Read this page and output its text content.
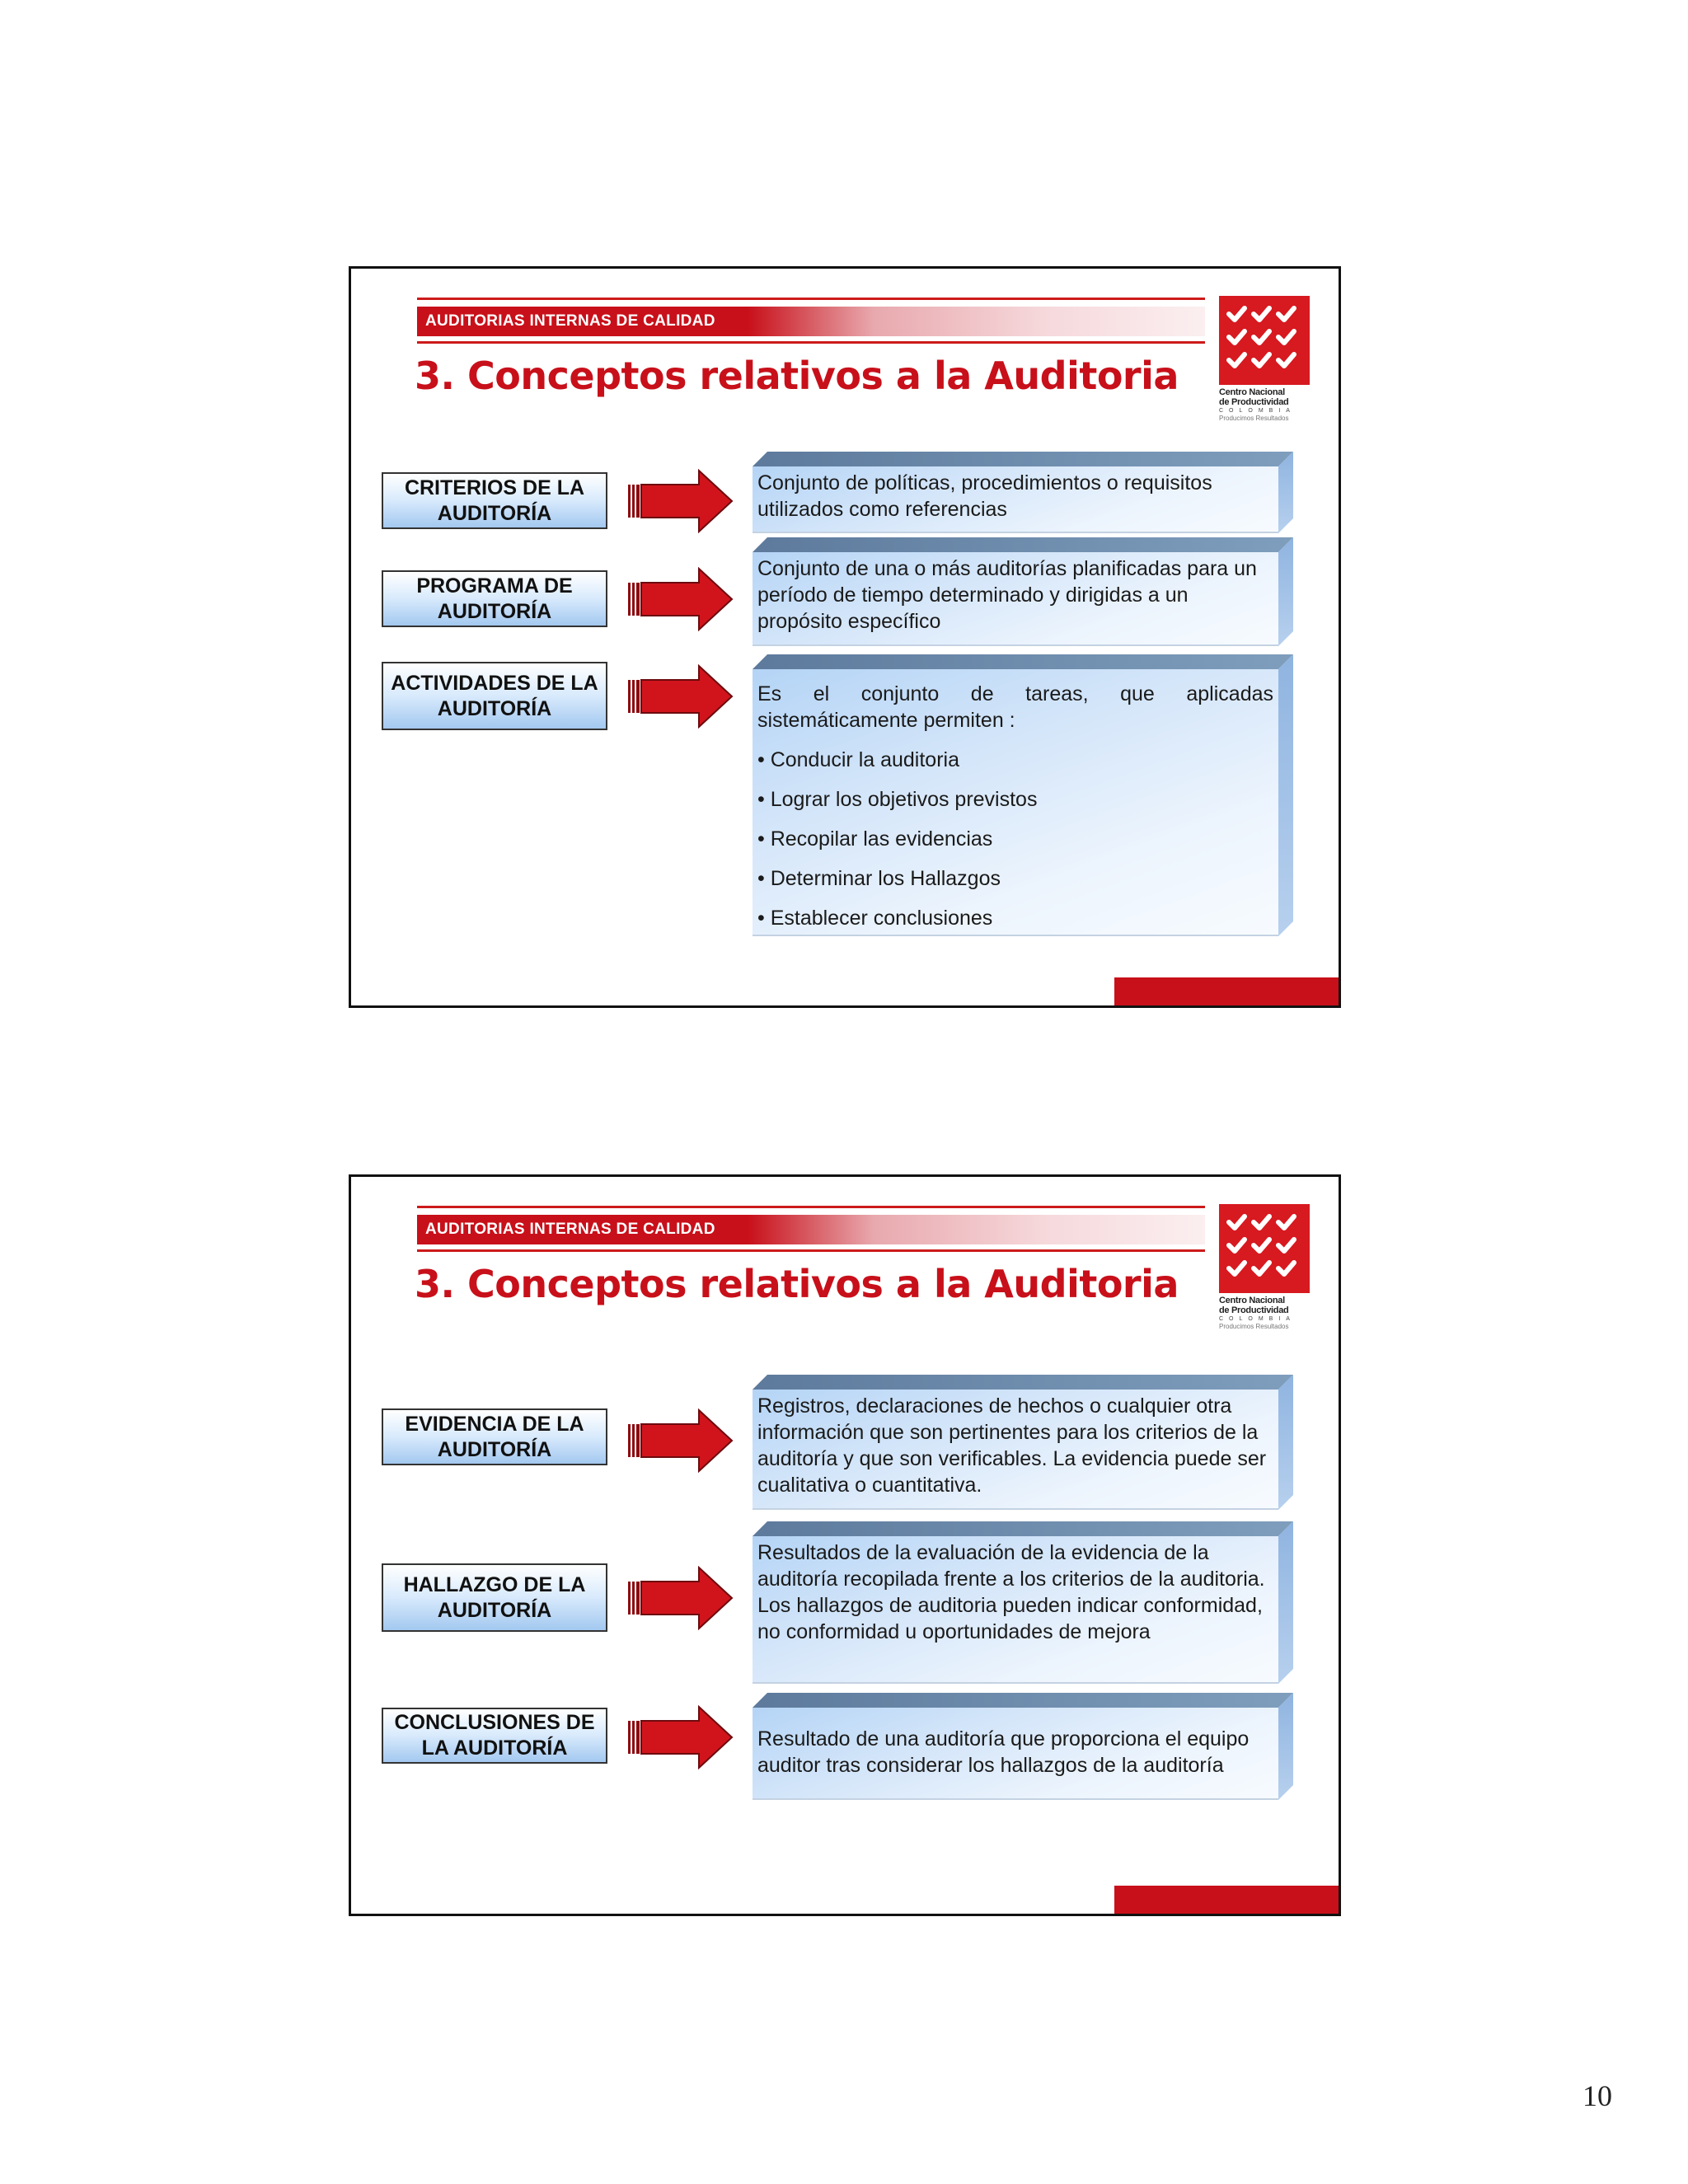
AUDITORIAS INTERNAS DE CALIDAD
3. Conceptos relativos a la Auditoria	Centro Nacional
de Productividad
COLOMBIA
Producimos Resultados
CRITERIOS DE LA AUDITORÍA

Conjunto de políticas, procedimientos o requisitos utilizados como referencias

PROGRAMA DE AUDITORÍA

Conjunto de una o más auditorías planificadas para un período de tiempo determinado y dirigidas a un propósito específico

ACTIVIDADES DE LA AUDITORÍA

Es el conjunto de tareas, que aplicadas sistemáticamente permiten :

• Conducir la auditoria

• Lograr los objetivos previstos

• Recopilar las evidencias

• Determinar los Hallazgos

• Establecer conclusiones

AUDITORIAS INTERNAS DE CALIDAD
3. Conceptos relativos a la Auditoria	Centro Nacional
de Productividad
COLOMBIA
Producimos Resultados
EVIDENCIA DE LA AUDITORÍA

Registros, declaraciones de hechos o cualquier otra información que son pertinentes para los criterios de la auditoría y que son verificables. La evidencia puede ser cualitativa o cuantitativa.

HALLAZGO DE LA AUDITORÍA

Resultados de la evaluación de la evidencia de la auditoría recopilada frente a los criterios de la auditoria. Los hallazgos de auditoria pueden indicar conformidad, no conformidad u oportunidades de mejora

CONCLUSIONES DE LA AUDITORÍA	Resultado de una auditoría que proporciona el equipo auditor tras considerar los hallazgos de la auditoría

10
